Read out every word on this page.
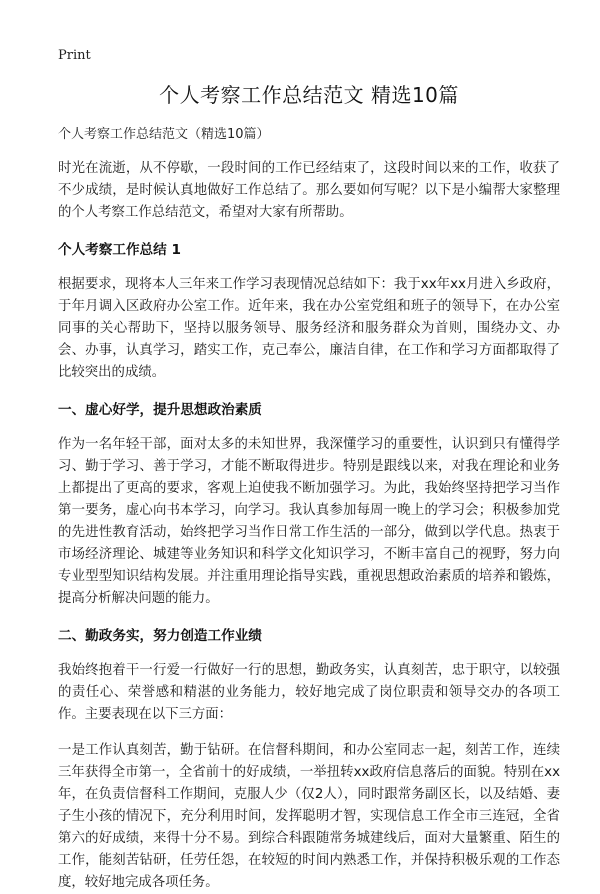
Print
个人考察工作总结范文 精选10篇
个人考察工作总结范文（精选10篇）

时光在流逝，从不停歇，一段时间的工作已经结束了，这段时间以来的工作，收获了不少成绩，是时候认真地做好工作总结了。那么要如何写呢？以下是小编帮大家整理的个人考察工作总结范文，希望对大家有所帮助。

个人考察工作总结 1

根据要求，现将本人三年来工作学习表现情况总结如下：我于xx年xx月进入乡政府，于年月调入区政府办公室工作。近年来，我在办公室党组和班子的领导下，在办公室同事的关心帮助下，坚持以服务领导、服务经济和服务群众为首则，围绕办文、办会、办事，认真学习，踏实工作，克己奉公，廉洁自律，在工作和学习方面都取得了比较突出的成绩。

一、虚心好学，提升思想政治素质

作为一名年轻干部，面对太多的未知世界，我深懂学习的重要性，认识到只有懂得学习、勤于学习、善于学习，才能不断取得进步。特别是跟线以来，对我在理论和业务上都提出了更高的要求，客观上迫使我不断加强学习。为此，我始终坚持把学习当作第一要务，虚心向书本学习，向学习。我认真参加每周一晚上的学习会；积极参加党的先进性教育活动，始终把学习当作日常工作生活的一部分，做到以学代息。热衷于市场经济理论、城建等业务知识和科学文化知识学习，不断丰富自己的视野，努力向专业型型知识结构发展。并注重用理论指导实践，重视思想政治素质的培养和锻炼，提高分析解决问题的能力。

二、勤政务实，努力创造工作业绩

我始终抱着干一行爱一行做好一行的思想，勤政务实，认真刻苦，忠于职守，以较强的责任心、荣誉感和精湛的业务能力，较好地完成了岗位职责和领导交办的各项工作。主要表现在以下三方面：

一是工作认真刻苦，勤于钻研。在信督科期间，和办公室同志一起，刻苦工作，连续三年获得全市第一，全省前十的好成绩，一举扭转xx政府信息落后的面貌。特别在xx年，在负责信督科工作期间，克服人少（仅2人），同时跟常务副区长，以及结婚、妻子生小孩的情况下，充分利用时间，发挥聪明才智，实现信息工作全市三连冠，全省第六的好成绩，来得十分不易。到综合科跟随常务城建线后，面对大量繁重、陌生的工作，能刻苦钻研，任劳任怨，在较短的时间内熟悉工作，并保持积极乐观的工作态度，较好地完成各项任务。
